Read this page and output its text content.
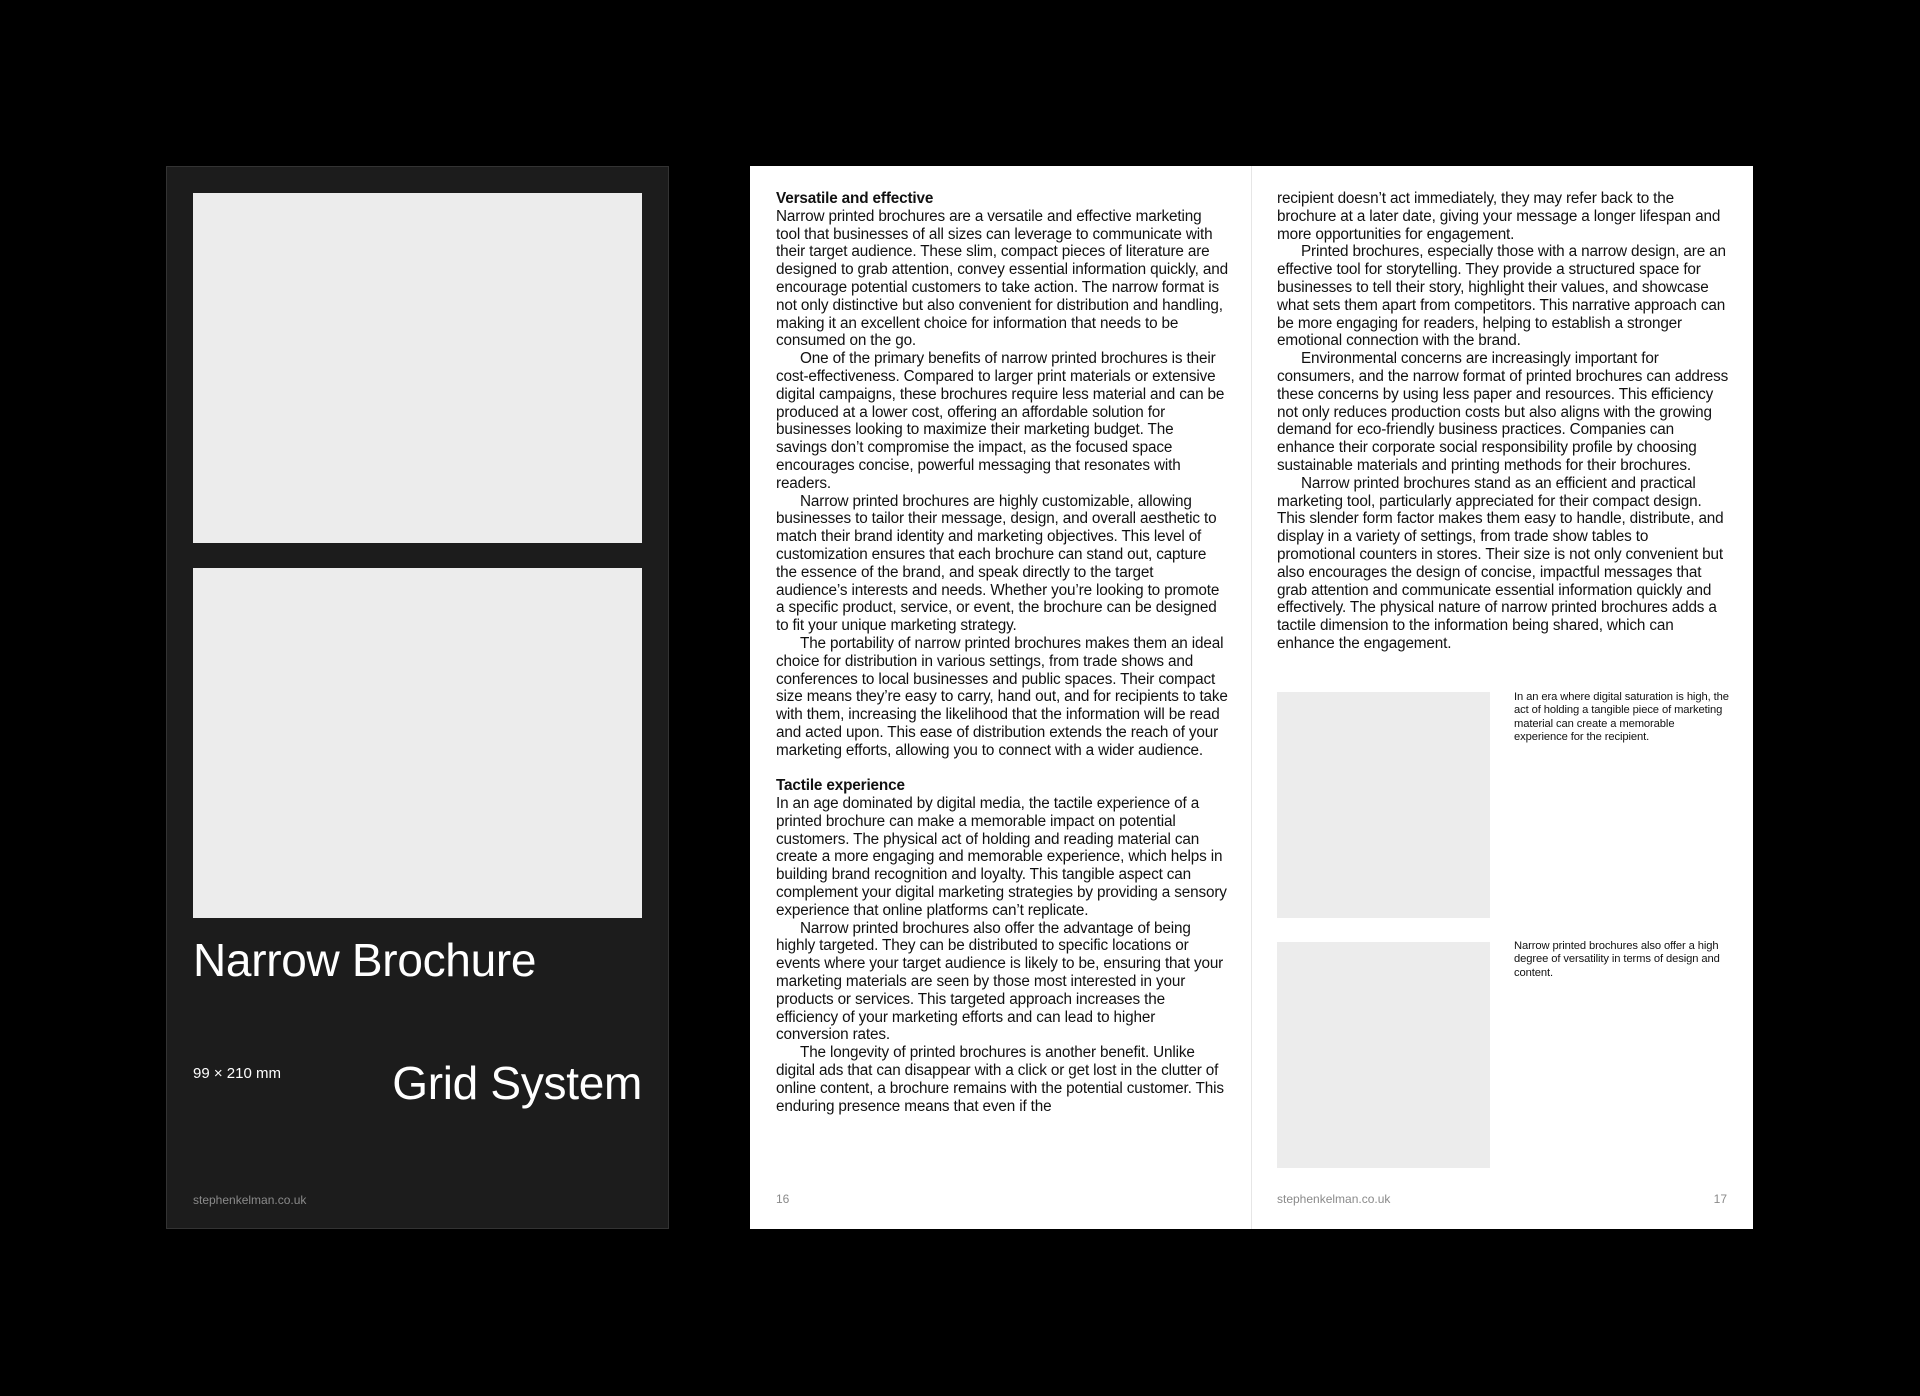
Narrow Brochure
99 × 210 mm Grid System
stephenkelman.co.uk
Versatile and effective

Narrow printed brochures are a versatile and effective marketing tool that businesses of all sizes can leverage to communicate with their target audience. These slim, compact pieces of literature are designed to grab attention, convey essential information quickly, and encourage potential customers to take action. The narrow format is not only distinctive but also convenient for distribution and handling, making it an excellent choice for information that needs to be consumed on the go.

One of the primary benefits of narrow printed brochures is their cost-effectiveness. Compared to larger print materials or extensive digital campaigns, these brochures require less material and can be produced at a lower cost, offering an affordable solution for businesses looking to maximize their marketing budget. The savings don’t compromise the impact, as the focused space encourages concise, powerful messaging that resonates with readers.

Narrow printed brochures are highly customizable, allowing businesses to tailor their message, design, and overall aesthetic to match their brand identity and marketing objectives. This level of customization ensures that each brochure can stand out, capture the essence of the brand, and speak directly to the target audience’s interests and needs. Whether you’re looking to promote a specific product, service, or event, the brochure can be designed to fit your unique marketing strategy.

The portability of narrow printed brochures makes them an ideal choice for distribution in various settings, from trade shows and conferences to local businesses and public spaces. Their compact size means they’re easy to carry, hand out, and for recipients to take with them, increasing the likelihood that the information will be read and acted upon. This ease of distribution extends the reach of your marketing efforts, allowing you to connect with a wider audience.

Tactile experience

In an age dominated by digital media, the tactile experience of a printed brochure can make a memorable impact on potential customers. The physical act of holding and reading material can create a more engaging and memorable experience, which helps in building brand recognition and loyalty. This tangible aspect can complement your digital marketing strategies by providing a sensory experience that online platforms can’t replicate.

Narrow printed brochures also offer the advantage of being highly targeted. They can be distributed to specific locations or events where your target audience is likely to be, ensuring that your marketing materials are seen by those most interested in your products or services. This targeted approach increases the efficiency of your marketing efforts and can lead to higher conversion rates.

The longevity of printed brochures is another benefit. Unlike digital ads that can disappear with a click or get lost in the clutter of online content, a brochure remains with the potential customer. This enduring presence means that even if the

recipient doesn’t act immediately, they may refer back to the brochure at a later date, giving your message a longer lifespan and more opportunities for engagement.

Printed brochures, especially those with a narrow design, are an effective tool for storytelling. They provide a structured space for businesses to tell their story, highlight their values, and showcase what sets them apart from competitors. This narrative approach can be more engaging for readers, helping to establish a stronger emotional connection with the brand.

Environmental concerns are increasingly important for consumers, and the narrow format of printed brochures can address these concerns by using less paper and resources. This efficiency not only reduces production costs but also aligns with the growing demand for eco-friendly business practices. Companies can enhance their corporate social responsibility profile by choosing sustainable materials and printing methods for their brochures.

Narrow printed brochures stand as an efficient and practical marketing tool, particularly appreciated for their compact design. This slender form factor makes them easy to handle, distribute, and display in a variety of settings, from trade show tables to promotional counters in stores. Their size is not only convenient but also encourages the design of concise, impactful messages that grab attention and communicate essential information quickly and effectively. The physical nature of narrow printed brochures adds a tactile dimension to the information being shared, which can enhance the engagement.

In an era where digital saturation is high, the act of holding a tangible piece of marketing material can create a memorable experience for the recipient.
Narrow printed brochures also offer a high degree of versatility in terms of design and content.
16	stephenkelman.co.uk	17
